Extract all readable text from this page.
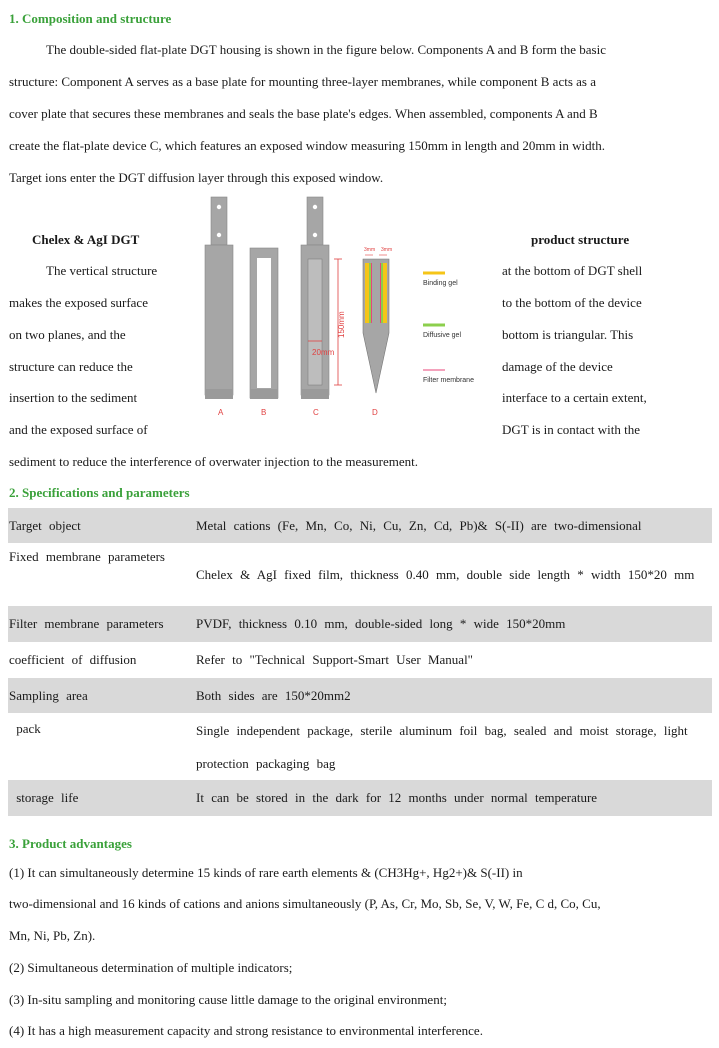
1. Composition and structure
The double-sided flat-plate DGT housing is shown in the figure below. Components A and B form the basic
structure: Component A serves as a base plate for mounting three-layer membranes, while component B acts as a
cover plate that secures these membranes and seals the base plate's edges. When assembled, components A and B
create the flat-plate device C, which features an exposed window measuring 150mm in length and 20mm in width.
Target ions enter the DGT diffusion layer through this exposed window.
Chelex & AgI DGT
The vertical structure
makes the exposed surface
on two planes, and the
structure can reduce the
insertion to the sediment
and the exposed surface of
product structure
at the bottom of DGT shell
to the bottom of the device
bottom is triangular. This
damage of the device
interface to a certain extent,
DGT is in contact with the
sediment to reduce the interference of overwater injection to the measurement.
20mm
150mm
3mm 3mm
Binding gel
Diffusive gel
Filter membrane
A	B	C	D
2. Specifications and parameters
Target object	Metal cations (Fe, Mn, Co, Ni, Cu, Zn, Cd, Pb)& S(-II) are two-dimensional
Fixed membrane parameters	Chelex & AgI fixed film, thickness 0.40 mm, double side length * width 150*20 mm
Filter membrane parameters	PVDF, thickness 0.10 mm, double-sided long * wide 150*20mm
coefficient of diffusion	Refer to "Technical Support-Smart User Manual"
Sampling area	Both sides are 150*20mm2
pack	Single independent package, sterile aluminum foil bag, sealed and moist storage, light protection packaging bag
storage life	It can be stored in the dark for 12 months under normal temperature
3. Product advantages
(1) It can simultaneously determine 15 kinds of rare earth elements & (CH3Hg+, Hg2+)& S(-II) in
two-dimensional and 16 kinds of cations and anions simultaneously (P, As, Cr, Mo, Sb, Se, V, W, Fe, C d, Co, Cu,
Mn, Ni, Pb, Zn).
(2) Simultaneous determination of multiple indicators;
(3) In-situ sampling and monitoring cause little damage to the original environment;
(4) It has a high measurement capacity and strong resistance to environmental interference.
